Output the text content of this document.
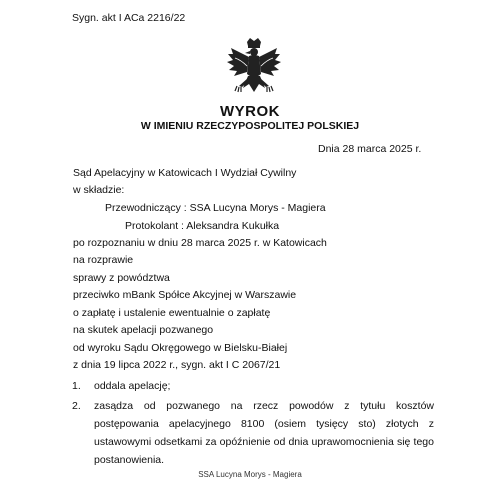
Sygn. akt I ACa 2216/22
WYROK
W IMIENIU RZECZYPOSPOLITEJ POLSKIEJ
Dnia 28 marca 2025 r.
Sąd Apelacyjny w Katowicach I Wydział Cywilny
w składzie:
Przewodniczący : SSA Lucyna Morys - Magiera
Protokolant : Aleksandra Kukułka
po rozpoznaniu w dniu 28 marca 2025 r. w Katowicach
na rozprawie
sprawy z powództwa
przeciwko mBank Spółce Akcyjnej w Warszawie
o zapłatę i ustalenie ewentualnie o zapłatę
na skutek apelacji pozwanego
od wyroku Sądu Okręgowego w Bielsku-Białej
z dnia 19 lipca 2022 r., sygn. akt I C 2067/21
1. oddala apelację;
2. zasądza od pozwanego na rzecz powodów z tytułu kosztów postępowania apelacyjnego 8100 (osiem tysięcy sto) złotych z ustawowymi odsetkami za opóźnienie od dnia uprawomocnienia się tego postanowienia.
SSA Lucyna Morys - Magiera
